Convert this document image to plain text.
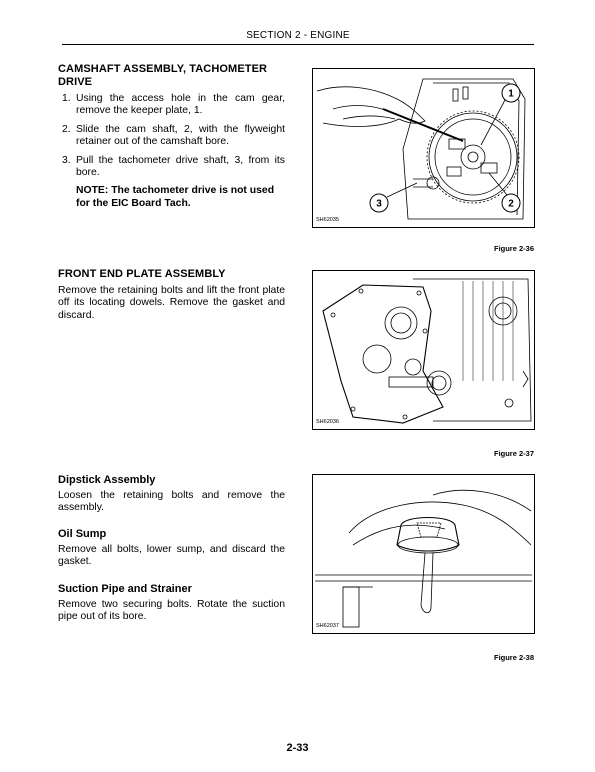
SECTION 2 - ENGINE
CAMSHAFT ASSEMBLY, TACHOMETER DRIVE
1. Using the access hole in the cam gear, remove the keeper plate, 1.
2. Slide the cam shaft, 2, with the flyweight retainer out of the camshaft bore.
3. Pull the tachometer drive shaft, 3, from its bore.

NOTE: The tachometer drive is not used for the EIC Board Tach.

FRONT END PLATE ASSEMBLY

Remove the retaining bolts and lift the front plate off its locating dowels. Remove the gasket and discard.

Dipstick Assembly

Loosen the retaining bolts and remove the assembly.

Oil Sump

Remove all bolts, lower sump, and discard the gasket.

Suction Pipe and Strainer

Remove two securing bolts. Rotate the suction pipe out of its bore.

1
2
3
SH62035
Figure 2-36
SH62036
Figure 2-37
SH62037
Figure 2-38
2-33
